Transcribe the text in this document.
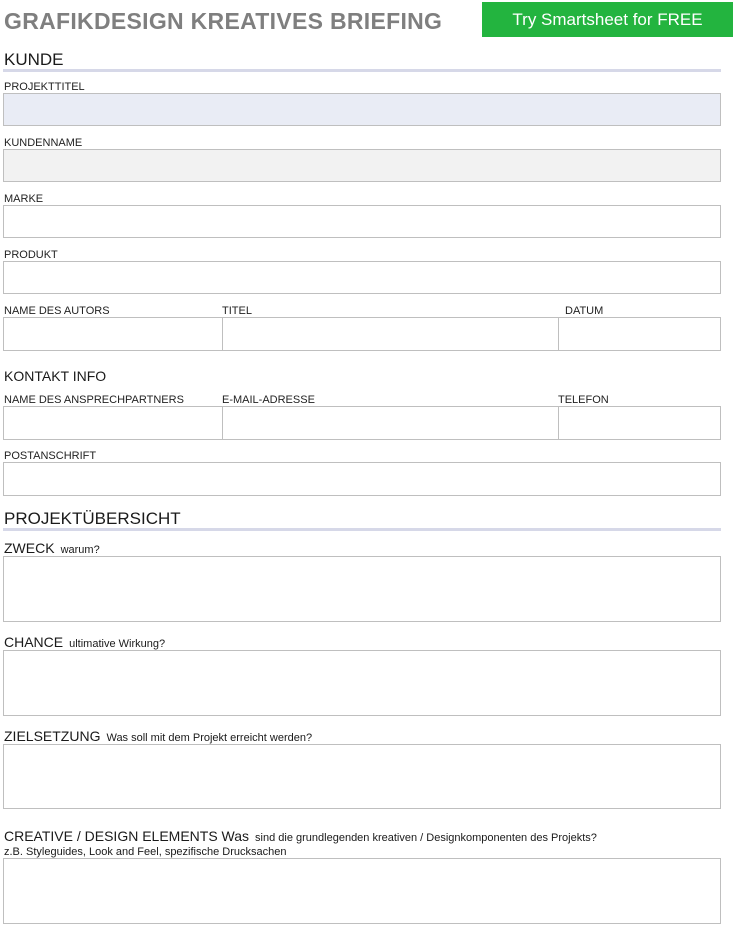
GRAFIKDESIGN KREATIVES BRIEFING	Try Smartsheet for FREE
KUNDE
PROJEKTTITEL
KUNDENNAME
MARKE
PRODUKT
NAME DES AUTORS	TITEL	DATUM
KONTAKT INFO
NAME DES ANSPRECHPARTNERS	E-MAIL-ADRESSE	TELEFON
POSTANSCHRIFT
PROJEKTÜBERSICHT
ZWECK warum?
CHANCE ultimative Wirkung?
ZIELSETZUNG Was soll mit dem Projekt erreicht werden?
CREATIVE / DESIGN ELEMENTS Was sind die grundlegenden kreativen / Designkomponenten des Projekts?
z.B. Styleguides, Look and Feel, spezifische Drucksachen
